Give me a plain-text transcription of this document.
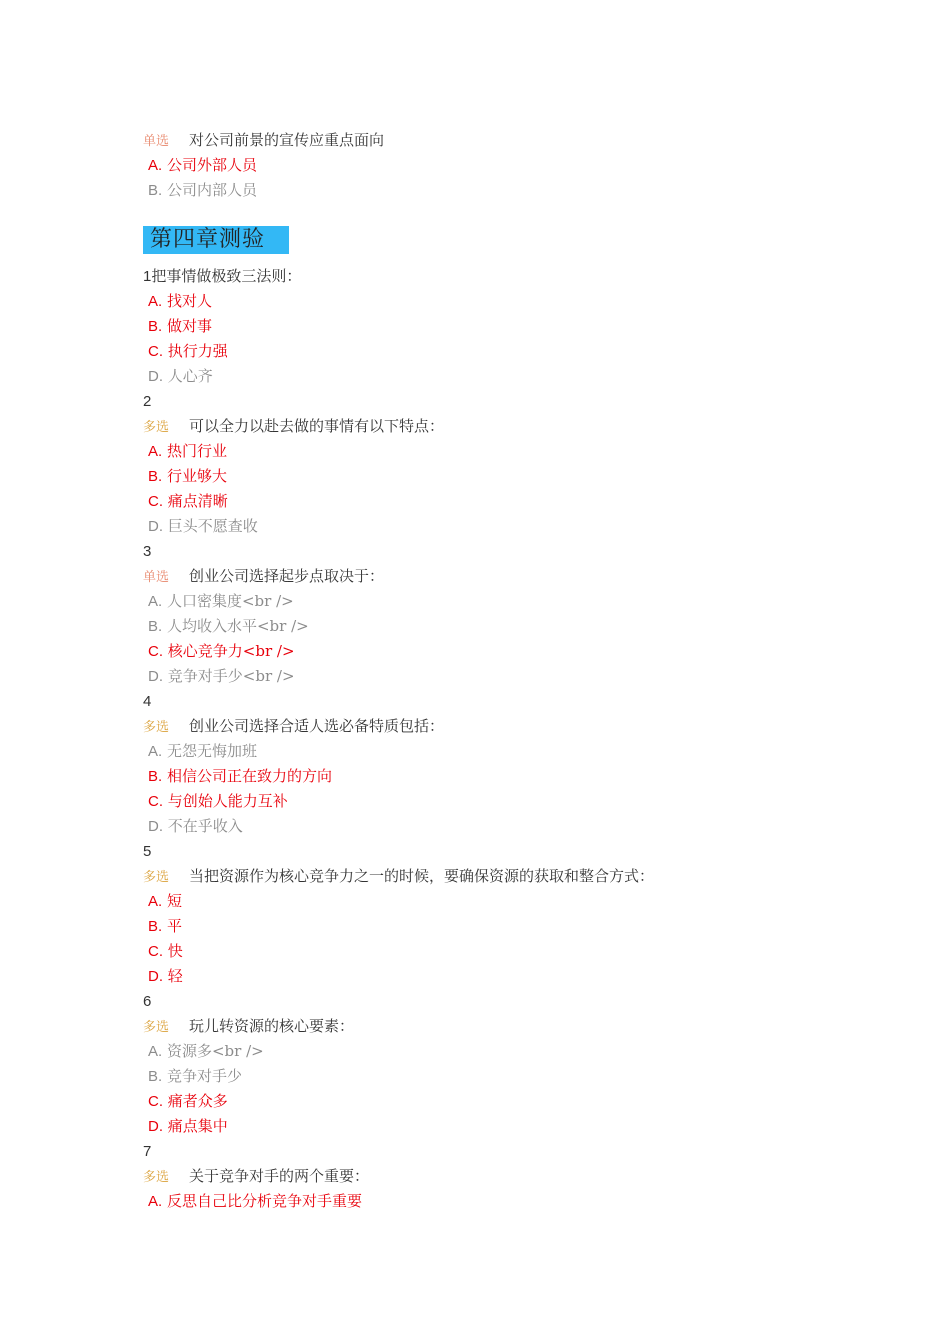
单选 对公司前景的宣传应重点面向
A. 公司外部人员
B. 公司内部人员
第四章测验
1把事情做极致三法则：
A. 找对人
B. 做对事
C. 执行力强
D. 人心齐
2
多选 可以全力以赴去做的事情有以下特点：
A. 热门行业
B. 行业够大
C. 痛点清晰
D. 巨头不愿查收
3
单选 创业公司选择起步点取决于：
A. 人口密集度<br />
B. 人均收入水平<br />
C. 核心竞争力<br />
D. 竞争对手少<br />
4
多选 创业公司选择合适人选必备特质包括：
A. 无怨无悔加班
B. 相信公司正在致力的方向
C. 与创始人能力互补
D. 不在乎收入
5
多选 当把资源作为核心竞争力之一的时候，要确保资源的获取和整合方式：
A. 短
B. 平
C. 快
D. 轻
6
多选 玩儿转资源的核心要素：
A. 资源多<br />
B. 竞争对手少
C. 痛者众多
D. 痛点集中
7
多选 关于竞争对手的两个重要：
A. 反思自己比分析竞争对手重要
